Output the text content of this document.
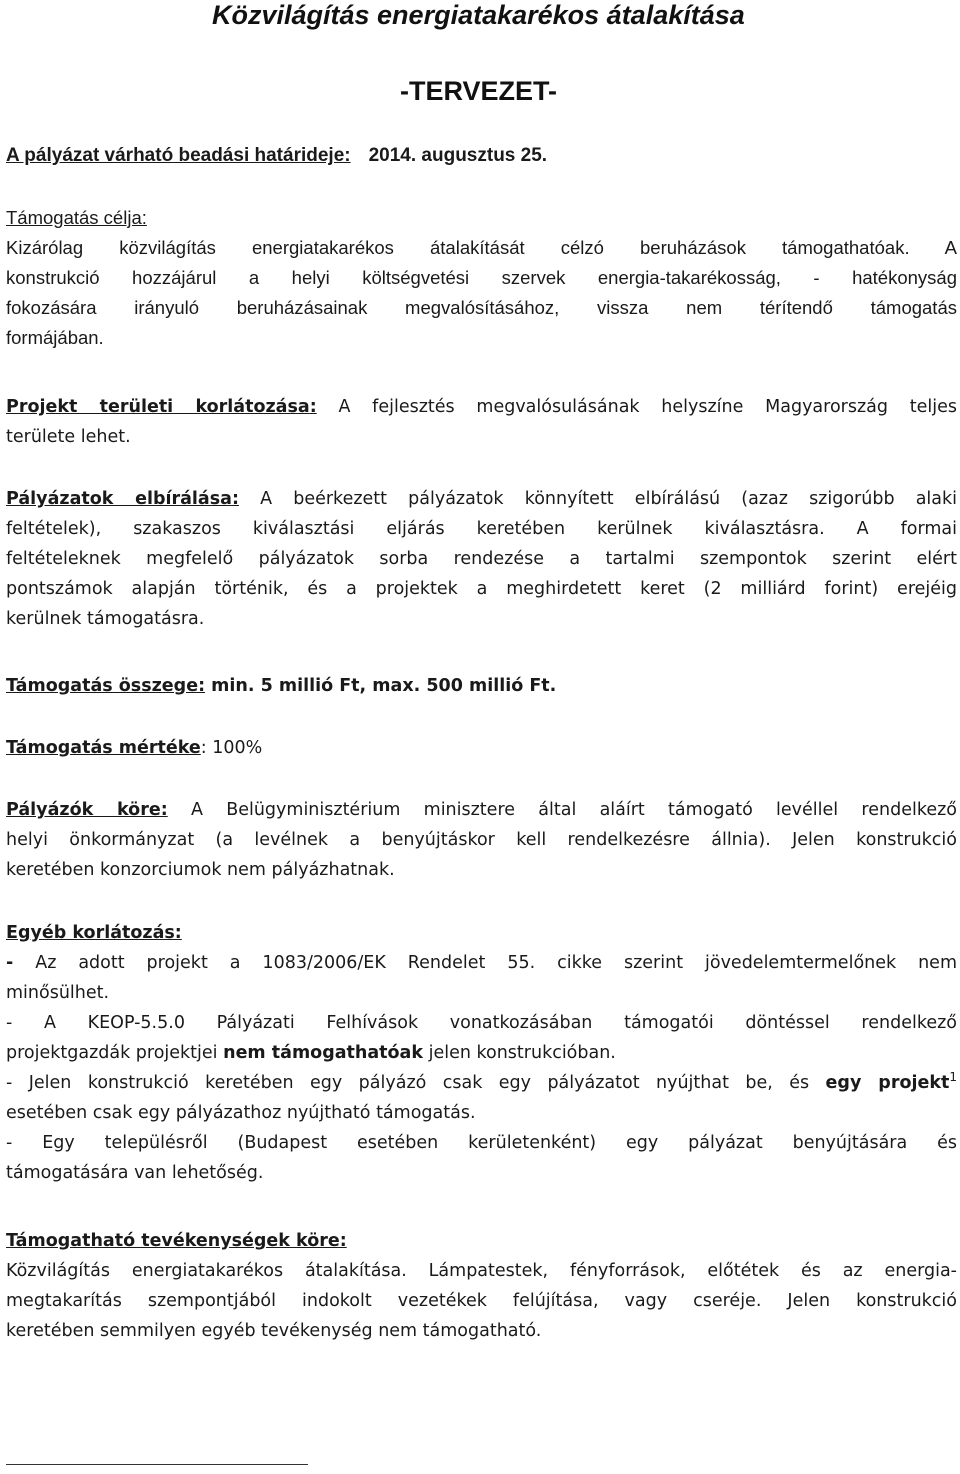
Közvilágítás energiatakarékos átalakítása
-TERVEZET-
A pályázat várható beadási határideje: 2014. augusztus 25.
Támogatás célja:
Kizárólag közvilágítás energiatakarékos átalakítását célzó beruházások támogathatóak. A
konstrukció hozzájárul a helyi költségvetési szervek energia-takarékosság, - hatékonyság
fokozására irányuló beruházásainak megvalósításához, vissza nem térítendő támogatás
formájában.
Projekt területi korlátozása: A fejlesztés megvalósulásának helyszíne Magyarország teljes
területe lehet.
Pályázatok elbírálása: A beérkezett pályázatok könnyített elbírálású (azaz szigorúbb alaki
feltételek), szakaszos kiválasztási eljárás keretében kerülnek kiválasztásra. A formai
feltételeknek megfelelő pályázatok sorba rendezése a tartalmi szempontok szerint elért
pontszámok alapján történik, és a projektek a meghirdetett keret (2 milliárd forint) erejéig
kerülnek támogatásra.
Támogatás összege: min. 5 millió Ft, max. 500 millió Ft.
Támogatás mértéke: 100%
Pályázók köre: A Belügyminisztérium minisztere által aláírt támogató levéllel rendelkező
helyi önkormányzat (a levélnek a benyújtáskor kell rendelkezésre állnia). Jelen konstrukció
keretében konzorciumok nem pályázhatnak.
Egyéb korlátozás:
- Az adott projekt a 1083/2006/EK Rendelet 55. cikke szerint jövedelemtermelőnek nem
minősülhet.
- A KEOP-5.5.0 Pályázati Felhívások vonatkozásában támogatói döntéssel rendelkező
projektgazdák projektjei nem támogathatóak jelen konstrukcióban.
- Jelen konstrukció keretében egy pályázó csak egy pályázatot nyújthat be, és egy projekt$^1$
esetében csak egy pályázathoz nyújtható támogatás.
- Egy településről (Budapest esetében kerületenként) egy pályázat benyújtására és
támogatására van lehetőség.
Támogatható tevékenységek köre:
Közvilágítás energiatakarékos átalakítása. Lámpatestek, fényforrások, előtétek és az energia-
megtakarítás szempontjából indokolt vezetékek felújítása, vagy cseréje. Jelen konstrukció
keretében semmilyen egyéb tevékenység nem támogatható.
